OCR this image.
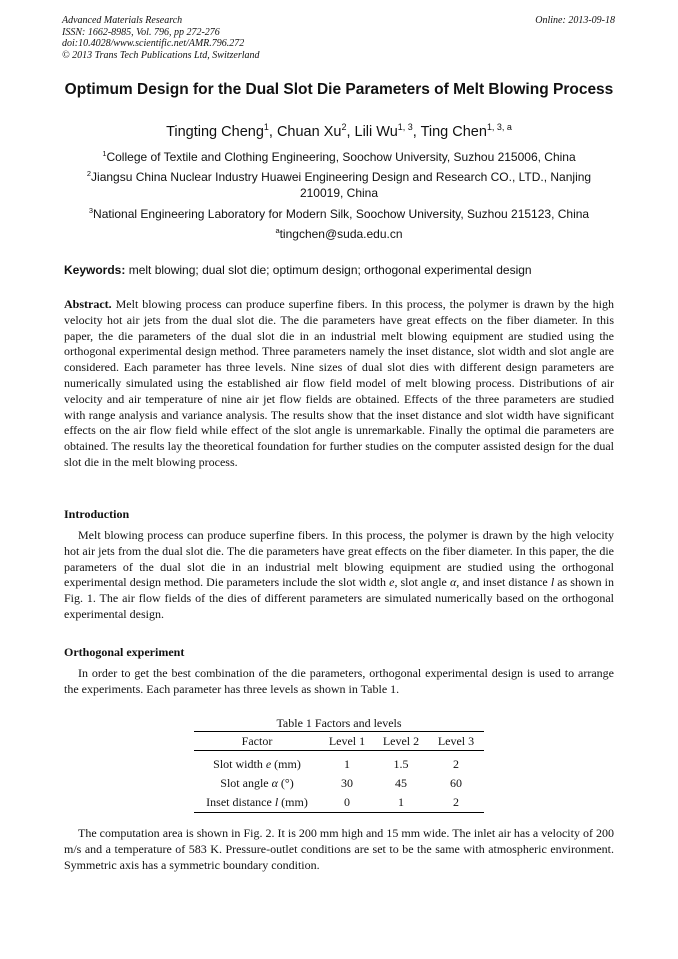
Advanced Materials Research
ISSN: 1662-8985, Vol. 796, pp 272-276
doi:10.4028/www.scientific.net/AMR.796.272
© 2013 Trans Tech Publications Ltd, Switzerland
Online: 2013-09-18
Optimum Design for the Dual Slot Die Parameters of Melt Blowing Process
Tingting Cheng$^1$, Chuan Xu$^2$, Lili Wu$^{1, 3}$, Ting Chen$^{1, 3, a}$
$^1$College of Textile and Clothing Engineering, Soochow University, Suzhou 215006, China
$^2$Jiangsu China Nuclear Industry Huawei Engineering Design and Research CO., LTD., Nanjing 210019, China
$^3$National Engineering Laboratory for Modern Silk, Soochow University, Suzhou 215123, China
$^a$tingchen@suda.edu.cn
Keywords: melt blowing; dual slot die; optimum design; orthogonal experimental design
Abstract. Melt blowing process can produce superfine fibers. In this process, the polymer is drawn by the high velocity hot air jets from the dual slot die. The die parameters have great effects on the fiber diameter. In this paper, the die parameters of the dual slot die in an industrial melt blowing equipment are studied using the orthogonal experimental design method. Three parameters namely the inset distance, slot width and slot angle are considered. Each parameter has three levels. Nine sizes of dual slot dies with different design parameters are numerically simulated using the established air flow field model of melt blowing process. Distributions of air velocity and air temperature of nine air jet flow fields are obtained. Effects of the three parameters are studied with range analysis and variance analysis. The results show that the inset distance and slot width have significant effects on the air flow field while effect of the slot angle is unremarkable. Finally the optimal die parameters are obtained. The results lay the theoretical foundation for further studies on the computer assisted design for the dual slot die in the melt blowing process.
Introduction
Melt blowing process can produce superfine fibers. In this process, the polymer is drawn by the high velocity hot air jets from the dual slot die. The die parameters have great effects on the fiber diameter. In this paper, the die parameters of the dual slot die in an industrial melt blowing equipment are studied using the orthogonal experimental design method. Die parameters include the slot width e, slot angle α, and inset distance l as shown in Fig. 1. The air flow fields of the dies of different parameters are simulated numerically based on the orthogonal experimental design.
Orthogonal experiment
In order to get the best combination of the die parameters, orthogonal experimental design is used to arrange the experiments. Each parameter has three levels as shown in Table 1.
Table 1 Factors and levels
Factor	Level 1	Level 2	Level 3
Slot width e (mm)	1	1.5	2
Slot angle α (°)	30	45	60
Inset distance l (mm)	0	1	2
The computation area is shown in Fig. 2. It is 200 mm high and 15 mm wide. The inlet air has a velocity of 200 m/s and a temperature of 583 K. Pressure-outlet conditions are set to be the same with atmospheric environment. Symmetric axis has a symmetric boundary condition.
